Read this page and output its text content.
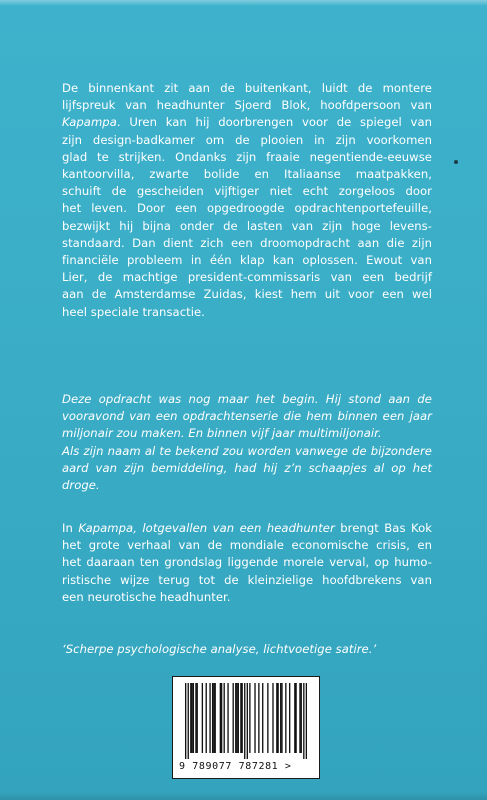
De binnenkant zit aan de buitenkant, luidt de montere
lijfspreuk van headhunter Sjoerd Blok, hoofdpersoon van
Kapampa. Uren kan hij doorbrengen voor de spiegel van
zijn design-badkamer om de plooien in zijn voorkomen
glad te strijken. Ondanks zijn fraaie negentiende-eeuwse
kantoorvilla, zwarte bolide en Italiaanse maatpakken,
schuift de gescheiden vijftiger niet echt zorgeloos door
het leven. Door een opgedroogde opdrachtenportefeuille,
bezwijkt hij bijna onder de lasten van zijn hoge levens-
standaard. Dan dient zich een droomopdracht aan die zijn
financiële probleem in één klap kan oplossen. Ewout van
Lier, de machtige president-commissaris van een bedrijf
aan de Amsterdamse Zuidas, kiest hem uit voor een wel
heel speciale transactie.
Deze opdracht was nog maar het begin. Hij stond aan de
vooravond van een opdrachtenserie die hem binnen een jaar
miljonair zou maken. En binnen vijf jaar multimiljonair.
Als zijn naam al te bekend zou worden vanwege de bijzondere
aard van zijn bemiddeling, had hij z’n schaapjes al op het droge.
In Kapampa, lotgevallen van een headhunter brengt Bas Kok
het grote verhaal van de mondiale economische crisis, en
het daaraan ten grondslag liggende morele verval, op humo-
ristische wijze terug tot de kleinzielige hoofdbrekens van
een neurotische headhunter.
‘Scherpe psychologische analyse, lichtvoetige satire.’
9 789077 787281 >
